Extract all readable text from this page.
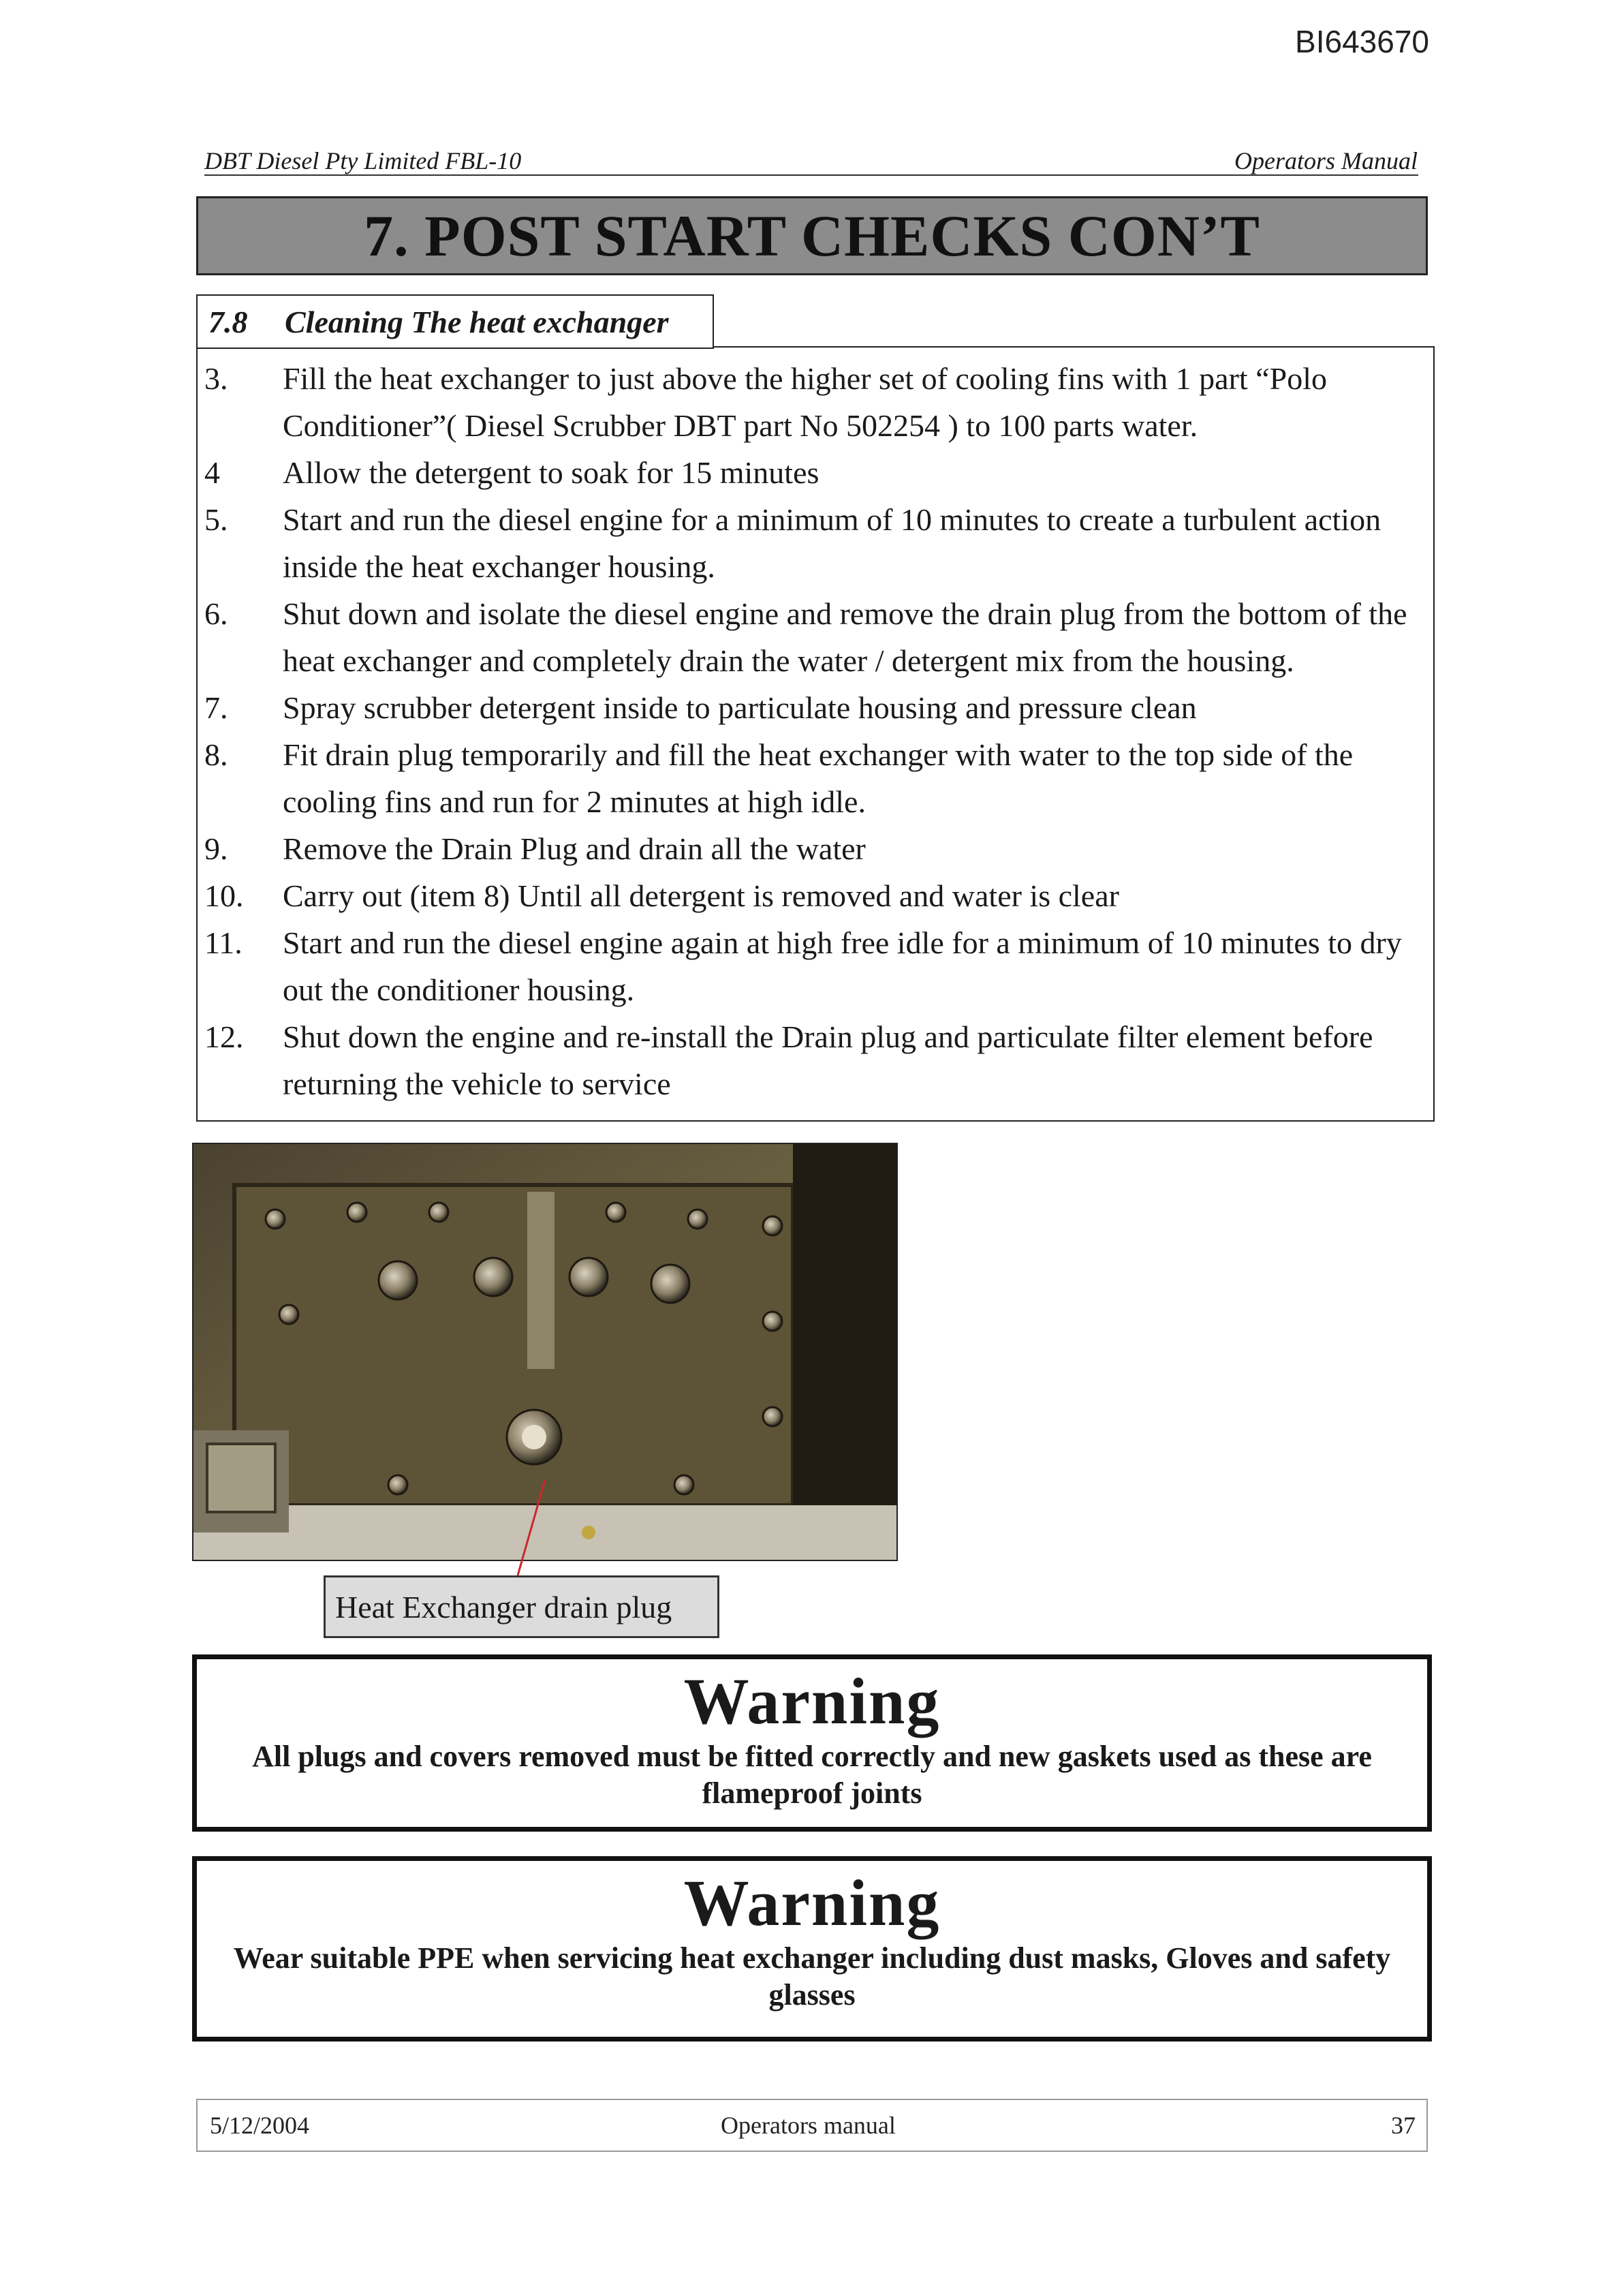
BI643670
DBT Diesel Pty Limited FBL-10	Operators Manual
7. POST START CHECKS CON’T
7.8	Cleaning The heat exchanger
3.	Fill the heat exchanger to just above the higher set of cooling fins with 1 part “Polo Conditioner”( Diesel Scrubber DBT part No 502254 ) to 100 parts water.
4	Allow the detergent to soak for 15 minutes
5.	Start and run the diesel engine for a minimum of 10 minutes to create a turbulent action inside the heat exchanger housing.
6.	Shut down and isolate the diesel engine and remove the drain plug from the bottom of the heat exchanger and completely drain the water / detergent mix from the housing.
7.	Spray scrubber detergent inside to particulate housing and pressure clean
8.	Fit drain plug temporarily and fill the heat exchanger with water to the top side of the cooling fins and run for 2 minutes at high idle.
9.	Remove the Drain Plug and drain all the water
10.	Carry out (item 8) Until all detergent is removed and water is clear
11.	Start and run the diesel engine again at high free idle for a minimum of 10 minutes to dry out the conditioner housing.
12.	Shut down the engine and re-install the Drain plug and particulate filter element before returning the vehicle to service
Heat Exchanger drain plug
Warning
All plugs and covers removed must be fitted correctly and new gaskets used as these are flameproof joints
Warning
Wear suitable PPE when servicing heat exchanger including dust masks, Gloves and safety glasses
5/12/2004	Operators manual	37
